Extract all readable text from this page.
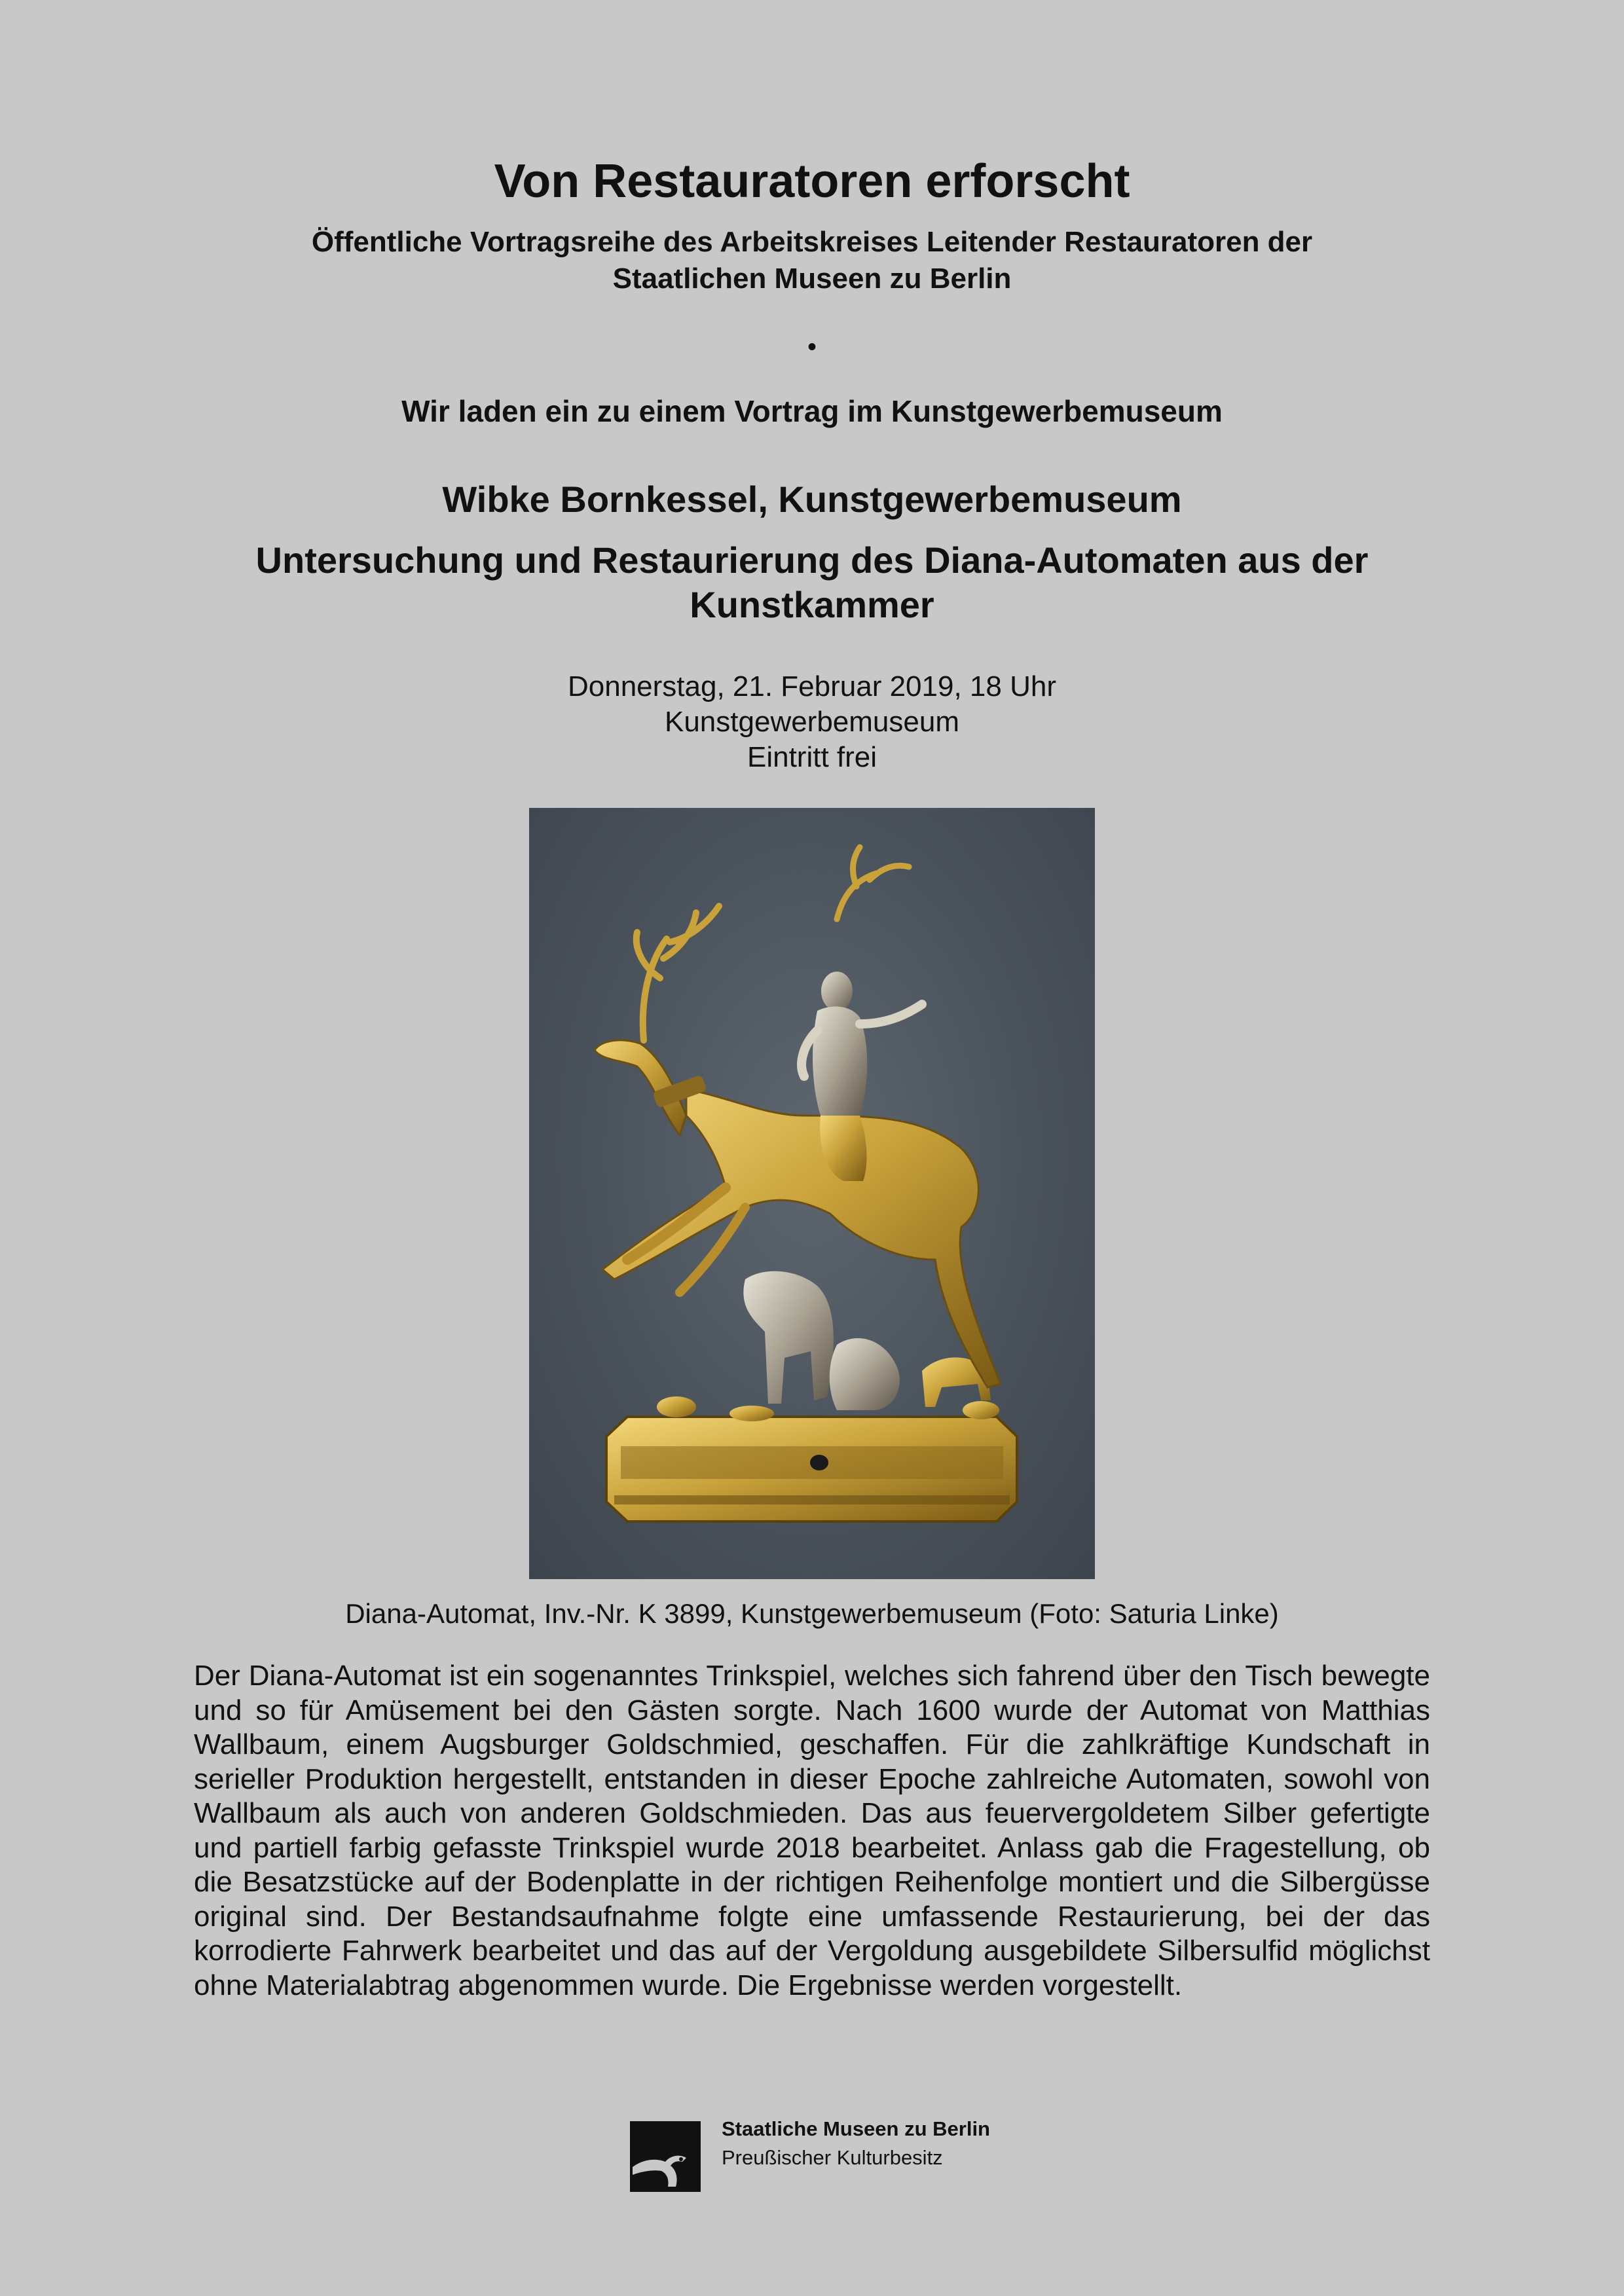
Von Restauratoren erforscht
Öffentliche Vortragsreihe des Arbeitskreises Leitender Restauratoren der
Staatlichen Museen zu Berlin
•
Wir laden ein zu einem Vortrag im Kunstgewerbemuseum
Wibke Bornkessel, Kunstgewerbemuseum
Untersuchung und Restaurierung des Diana-Automaten aus der Kunstkammer
Donnerstag, 21. Februar 2019, 18 Uhr
Kunstgewerbemuseum
Eintritt frei
Diana-Automat, Inv.-Nr. K 3899, Kunstgewerbemuseum (Foto: Saturia Linke)
Der Diana-Automat ist ein sogenanntes Trinkspiel, welches sich fahrend über den Tisch bewegte und so für Amüsement bei den Gästen sorgte. Nach 1600 wurde der Automat von Matthias Wallbaum, einem Augsburger Goldschmied, geschaffen. Für die zahlkräftige Kundschaft in serieller Produktion hergestellt, entstanden in dieser Epoche zahlreiche Automaten, sowohl von Wallbaum als auch von anderen Goldschmieden. Das aus feuervergoldetem Silber gefertigte und partiell farbig gefasste Trinkspiel wurde 2018 bearbeitet. Anlass gab die Fragestellung, ob die Besatzstücke auf der Bodenplatte in der richtigen Reihenfolge montiert und die Silbergüsse original sind. Der Bestandsaufnahme folgte eine umfassende Restaurierung, bei der das korrodierte Fahrwerk bearbeitet und das auf der Vergoldung ausgebildete Silbersulfid möglichst ohne Materialabtrag abgenommen wurde. Die Ergebnisse werden vorgestellt.
Staatliche Museen zu Berlin
Preußischer Kulturbesitz
